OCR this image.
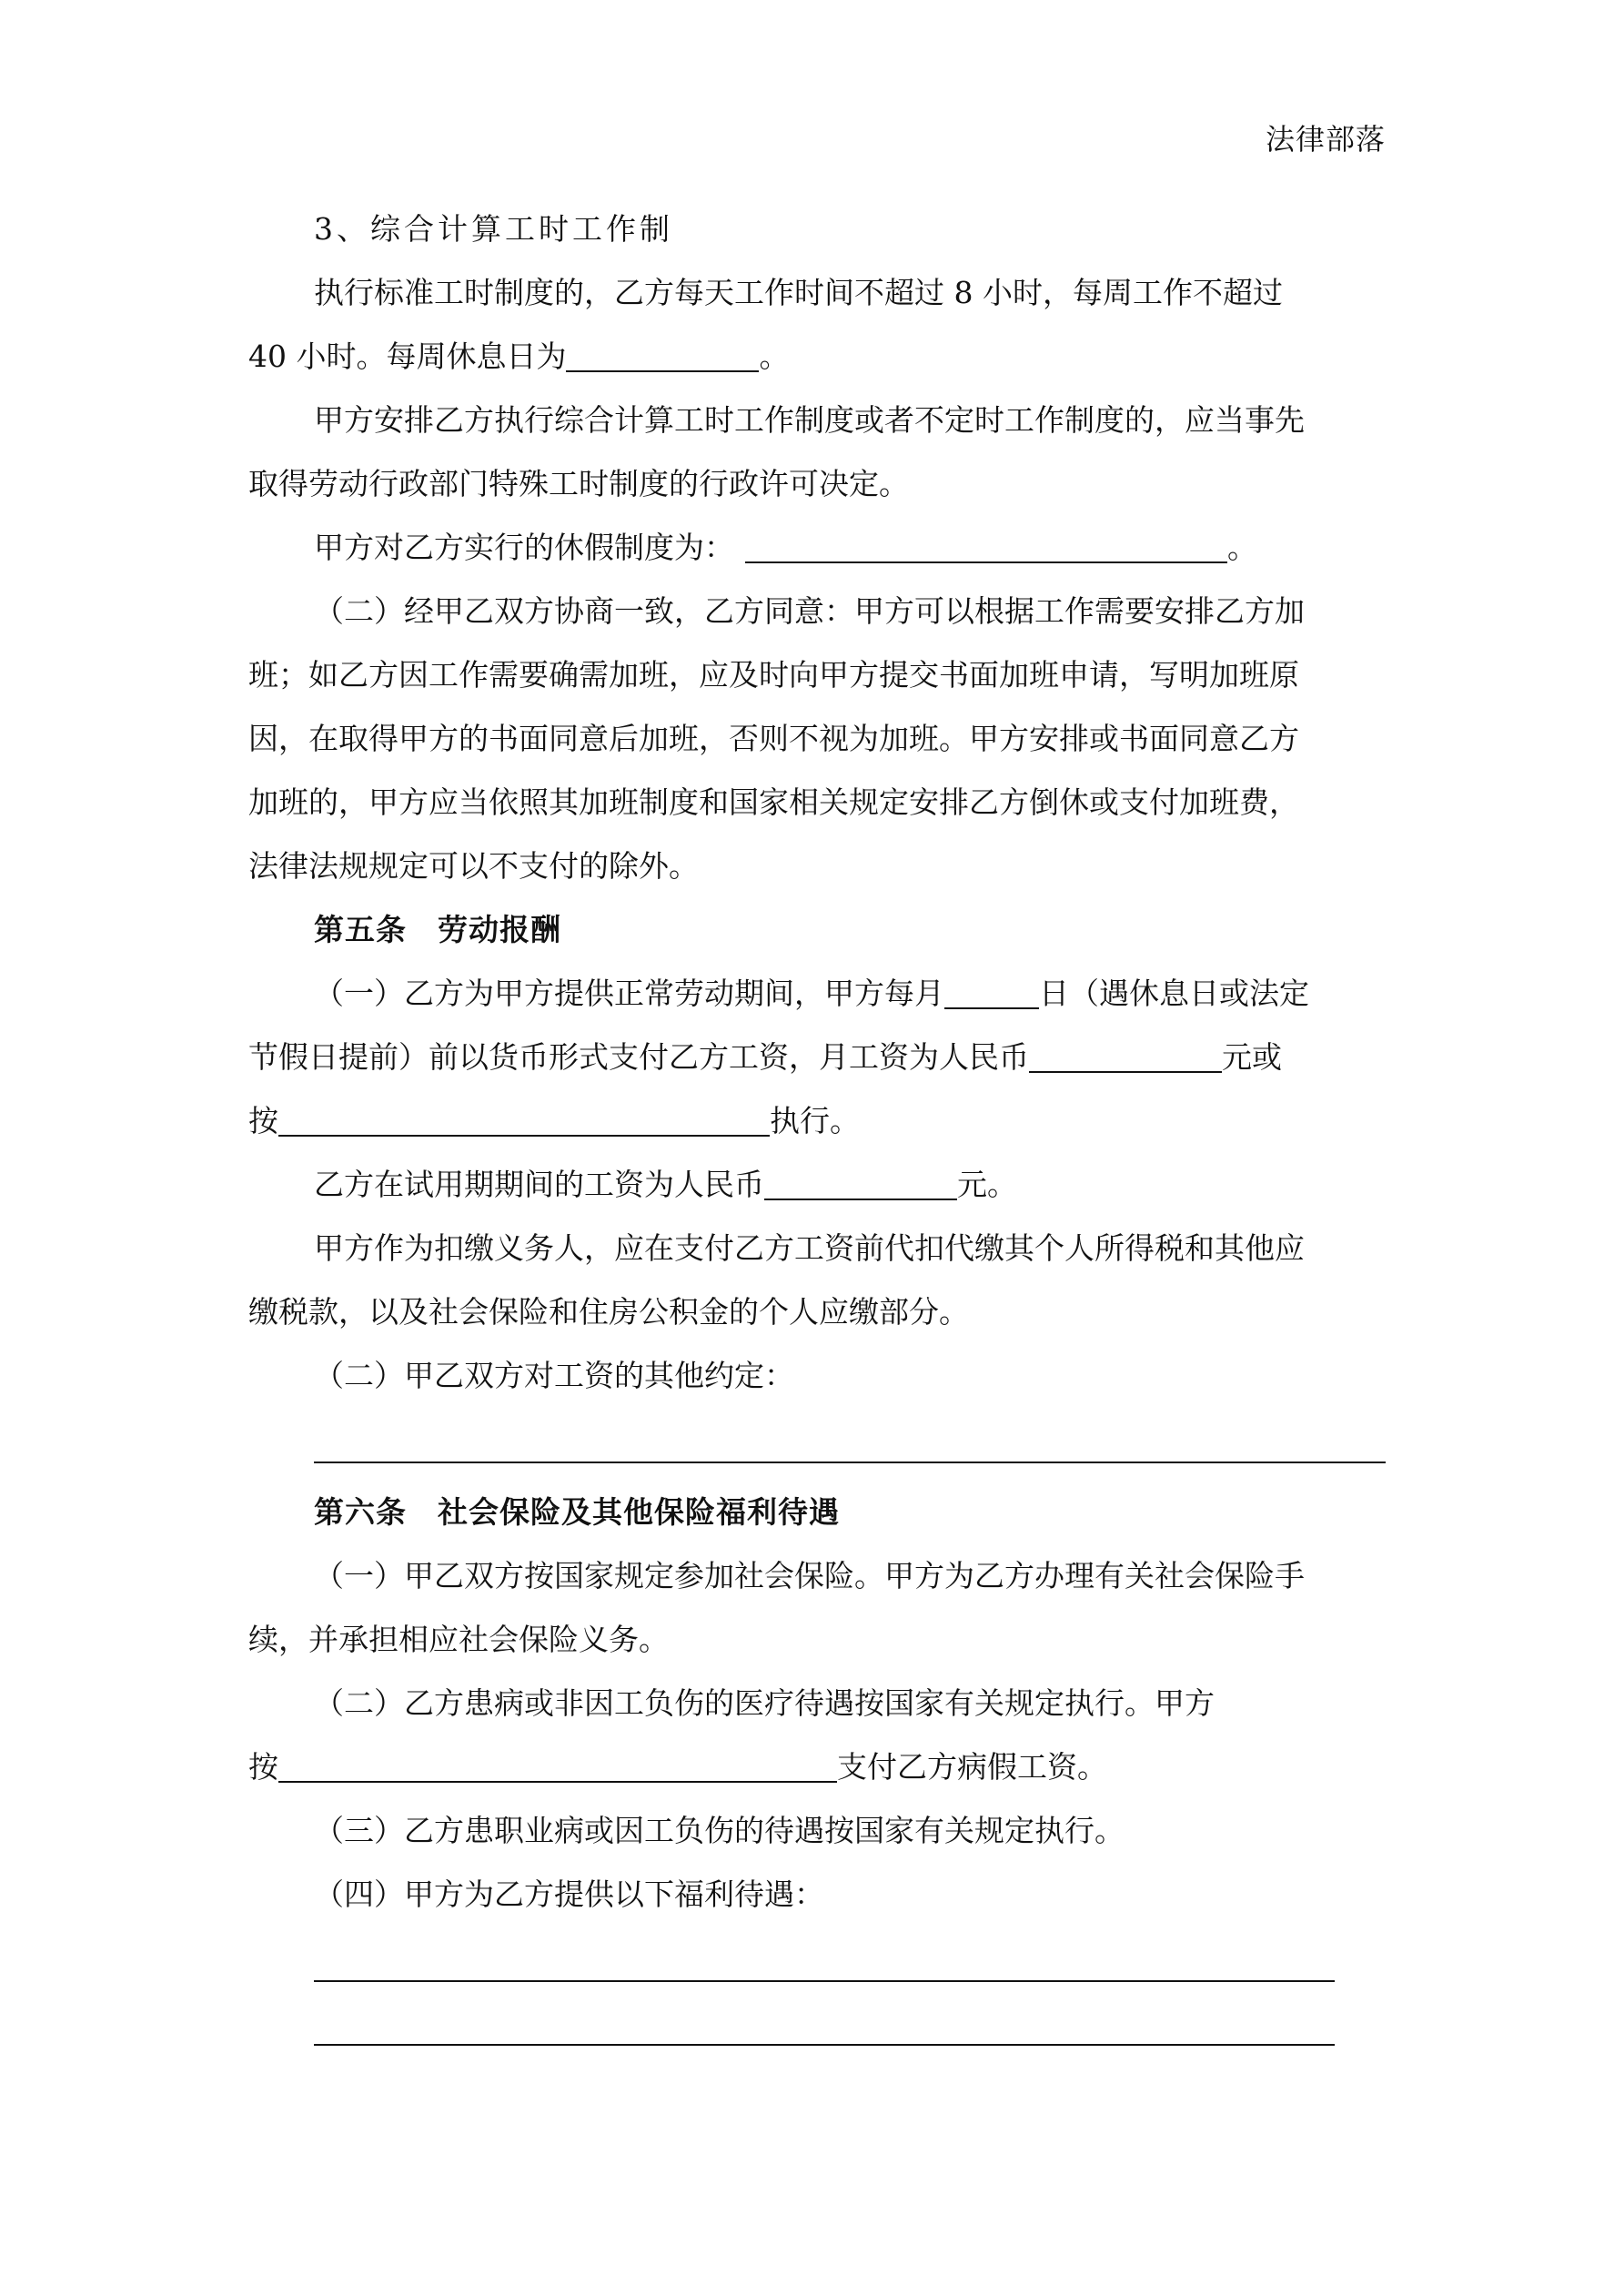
法律部落
3、综合计算工时工作制
执行标准工时制度的，乙方每天工作时间不超过 8 小时，每周工作不超过
40 小时。每周休息日为	。
甲方安排乙方执行综合计算工时工作制度或者不定时工作制度的，应当事先
取得劳动行政部门特殊工时制度的行政许可决定。
甲方对乙方实行的休假制度为：	。
（二）经甲乙双方协商一致，乙方同意：甲方可以根据工作需要安排乙方加
班；如乙方因工作需要确需加班，应及时向甲方提交书面加班申请，写明加班原
因，在取得甲方的书面同意后加班，否则不视为加班。甲方安排或书面同意乙方
加班的，甲方应当依照其加班制度和国家相关规定安排乙方倒休或支付加班费，
法律法规规定可以不支付的除外。
第五条　劳动报酬
（一）乙方为甲方提供正常劳动期间，甲方每月	日（遇休息日或法定
节假日提前）前以货币形式支付乙方工资，月工资为人民币	元或
按	执行。
乙方在试用期期间的工资为人民币	元。
甲方作为扣缴义务人，应在支付乙方工资前代扣代缴其个人所得税和其他应
缴税款，以及社会保险和住房公积金的个人应缴部分。
（二）甲乙双方对工资的其他约定：
第六条　社会保险及其他保险福利待遇
（一）甲乙双方按国家规定参加社会保险。甲方为乙方办理有关社会保险手
续，并承担相应社会保险义务。
（二）乙方患病或非因工负伤的医疗待遇按国家有关规定执行。甲方
按	支付乙方病假工资。
（三）乙方患职业病或因工负伤的待遇按国家有关规定执行。
（四）甲方为乙方提供以下福利待遇：
